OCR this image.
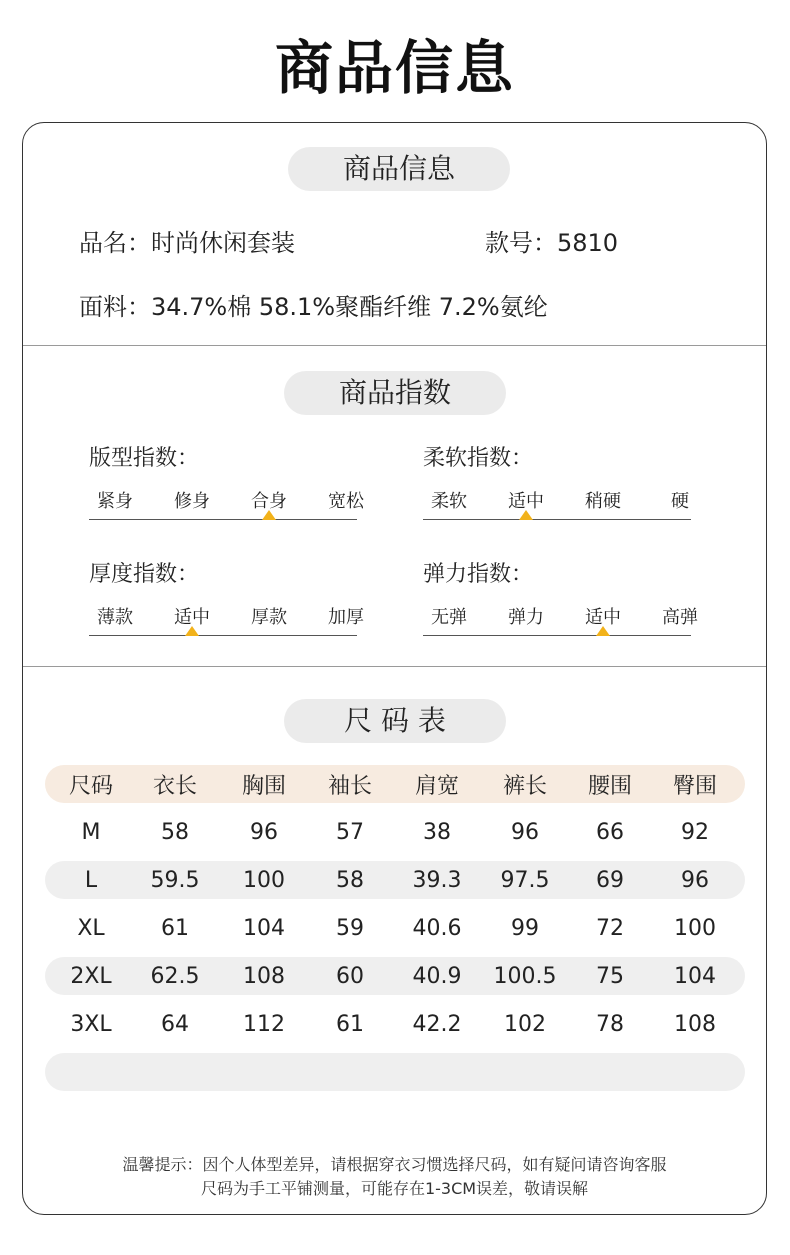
商品信息
商品信息
品名：时尚休闲套装	款号：5810
面料：34.7%棉 58.1%聚酯纤维 7.2%氨纶
商品指数
版型指数：
紧身	修身	合身	宽松
柔软指数：
柔软	适中	稍硬	硬
厚度指数：
薄款	适中	厚款	加厚
弹力指数：
无弹	弹力	适中	高弹
尺 码 表
尺码	衣长	胸围	袖长	肩宽	裤长	腰围	臀围
M	58	96	57	38	96	66	92
L	59.5	100	58	39.3	97.5	69	96
XL	61	104	59	40.6	99	72	100
2XL	62.5	108	60	40.9	100.5	75	104
3XL	64	112	61	42.2	102	78	108
温馨提示：因个人体型差异，请根据穿衣习惯选择尺码，如有疑问请咨询客服
尺码为手工平铺测量，可能存在1-3CM误差，敬请误解
